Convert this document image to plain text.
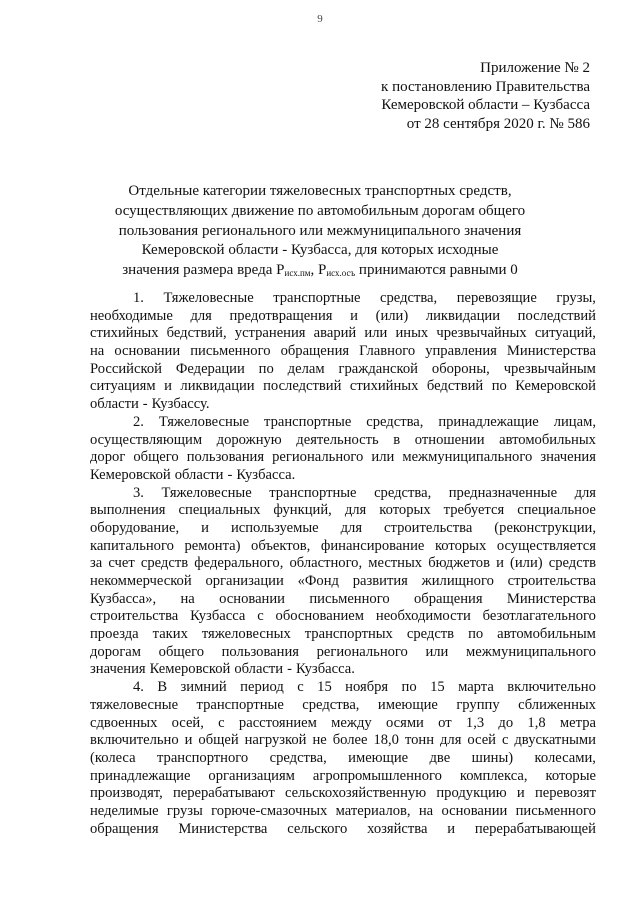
9
Приложение № 2
к постановлению Правительства
Кемеровской области – Кузбасса
от 28 сентября 2020 г. № 586
Отдельные категории тяжеловесных транспортных средств,
осуществляющих движение по автомобильным дорогам общего
пользования регионального или межмуниципального значения
Кемеровской области - Кузбасса, для которых исходные
значения размера вреда $P_{исх.пм}$, $P_{исх.осъ}$ принимаются равными 0
1. Тяжеловесные транспортные средства, перевозящие грузы,
необходимые для предотвращения и (или) ликвидации последствий
стихийных бедствий, устранения аварий или иных чрезвычайных ситуаций,
на основании письменного обращения Главного управления Министерства
Российской Федерации по делам гражданской обороны, чрезвычайным
ситуациям и ликвидации последствий стихийных бедствий по Кемеровской
области - Кузбассу.
2. Тяжеловесные транспортные средства, принадлежащие лицам,
осуществляющим дорожную деятельность в отношении автомобильных
дорог общего пользования регионального или межмуниципального значения
Кемеровской области - Кузбасса.
3. Тяжеловесные транспортные средства, предназначенные для
выполнения специальных функций, для которых требуется специальное
оборудование, и используемые для строительства (реконструкции,
капитального ремонта) объектов, финансирование которых осуществляется
за счет средств федерального, областного, местных бюджетов и (или) средств
некоммерческой организации «Фонд развития жилищного строительства
Кузбасса», на основании письменного обращения Министерства
строительства Кузбасса с обоснованием необходимости безотлагательного
проезда таких тяжеловесных транспортных средств по автомобильным
дорогам общего пользования регионального или межмуниципального
значения Кемеровской области - Кузбасса.
4. В зимний период с 15 ноября по 15 марта включительно
тяжеловесные транспортные средства, имеющие группу сближенных
сдвоенных осей, с расстоянием между осями от 1,3 до 1,8 метра
включительно и общей нагрузкой не более 18,0 тонн для осей с двускатными
(колеса транспортного средства, имеющие две шины) колесами,
принадлежащие организациям агропромышленного комплекса, которые
производят, перерабатывают сельскохозяйственную продукцию и перевозят
неделимые грузы горюче-смазочных материалов, на основании письменного
обращения Министерства сельского хозяйства и перерабатывающей
